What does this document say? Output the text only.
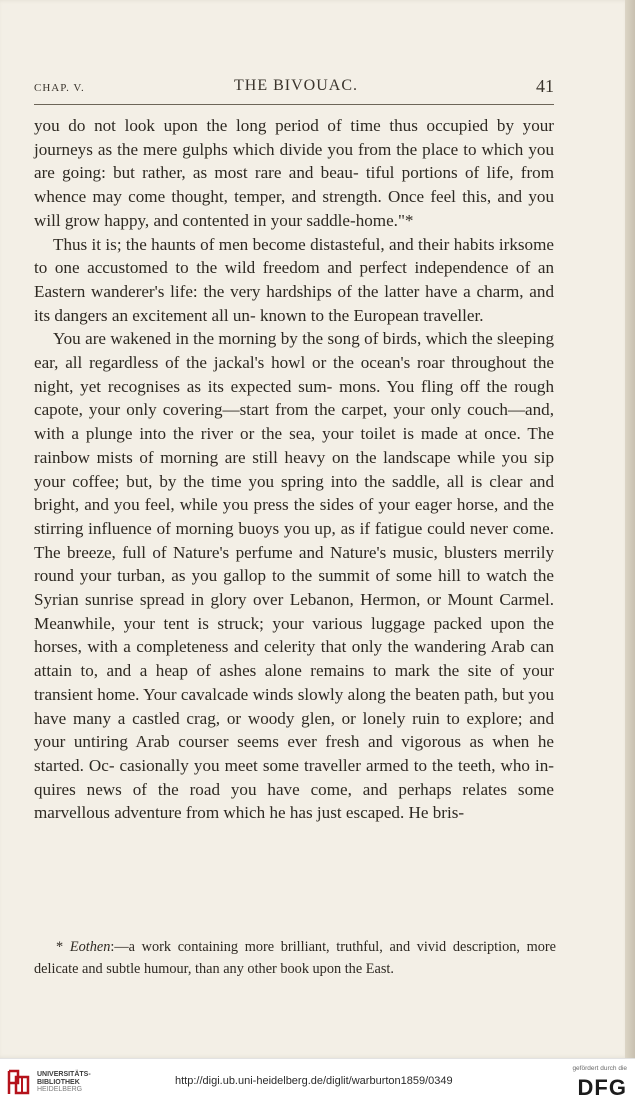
CHAP. V.	THE BIVOUAC.	41

you do not look upon the long period of time thus occupied by your journeys as the mere gulphs which divide you from the place to which you are going: but rather, as most rare and beau- tiful portions of life, from whence may come thought, temper, and strength. Once feel this, and you will grow happy, and contented in your saddle-home."*

Thus it is; the haunts of men become distasteful, and their habits irksome to one accustomed to the wild freedom and perfect independence of an Eastern wanderer's life: the very hardships of the latter have a charm, and its dangers an excitement all un- known to the European traveller.

You are wakened in the morning by the song of birds, which the sleeping ear, all regardless of the jackal's howl or the ocean's roar throughout the night, yet recognises as its expected sum- mons. You fling off the rough capote, your only covering—start from the carpet, your only couch—and, with a plunge into the river or the sea, your toilet is made at once. The rainbow mists of morning are still heavy on the landscape while you sip your coffee; but, by the time you spring into the saddle, all is clear and bright, and you feel, while you press the sides of your eager horse, and the stirring influence of morning buoys you up, as if fatigue could never come. The breeze, full of Nature's perfume and Nature's music, blusters merrily round your turban, as you gallop to the summit of some hill to watch the Syrian sunrise spread in glory over Lebanon, Hermon, or Mount Carmel. Meanwhile, your tent is struck; your various luggage packed upon the horses, with a completeness and celerity that only the wandering Arab can attain to, and a heap of ashes alone remains to mark the site of your transient home. Your cavalcade winds slowly along the beaten path, but you have many a castled crag, or woody glen, or lonely ruin to explore; and your untiring Arab courser seems ever fresh and vigorous as when he started. Oc- casionally you meet some traveller armed to the teeth, who in- quires news of the road you have come, and perhaps relates some marvellous adventure from which he has just escaped. He bris-

* Eothen:—a work containing more brilliant, truthful, and vivid description, more delicate and subtle humour, than any other book upon the East.

UNIVERSITÄTS-
BIBLIOTHEK
HEIDELBERG
http://digi.ub.uni-heidelberg.de/diglit/warburton1859/0349
gefördert durch die
DFG
